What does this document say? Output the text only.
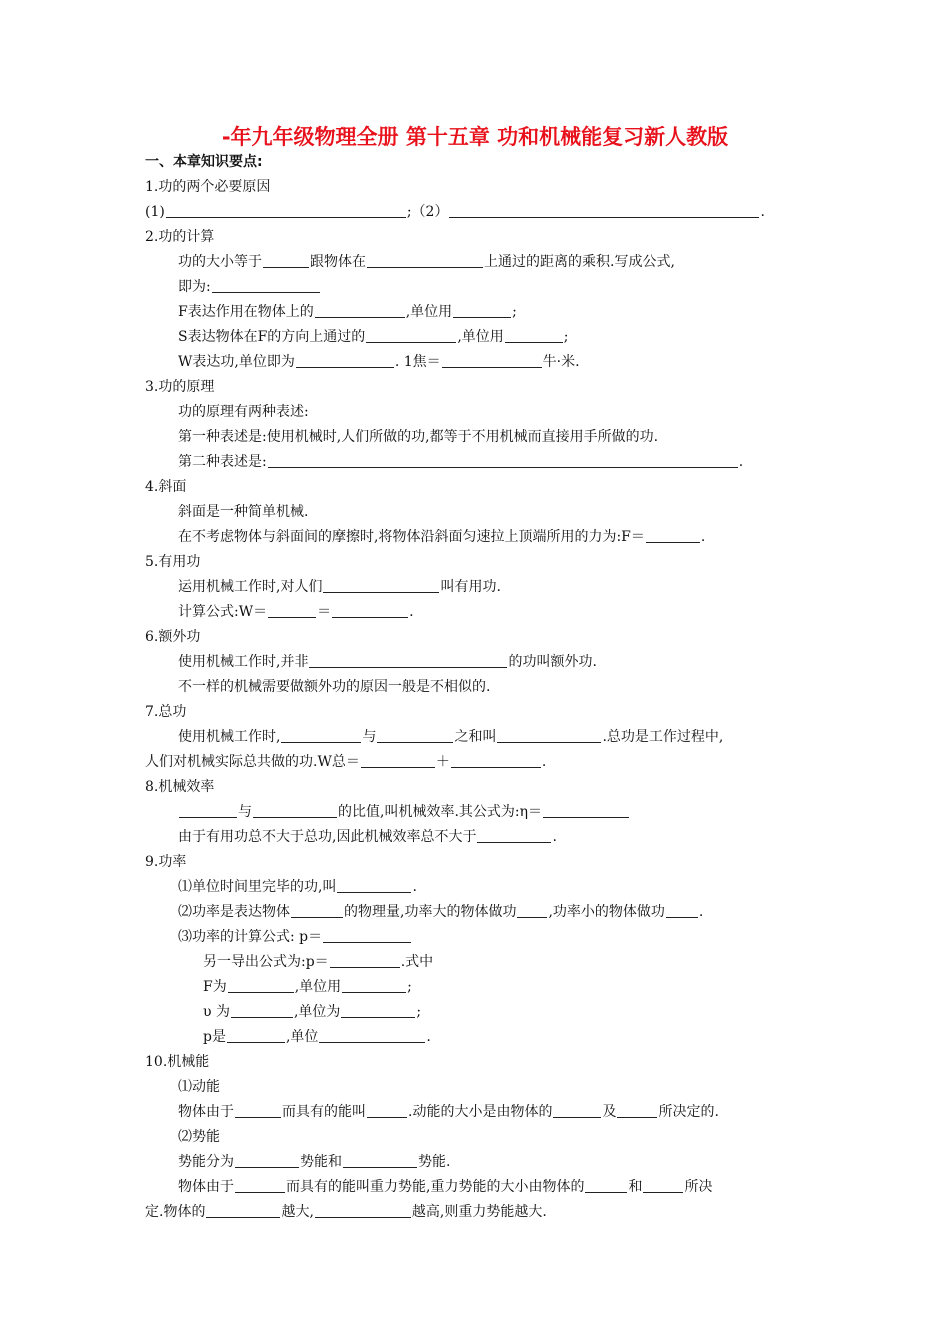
-年九年级物理全册 第十五章 功和机械能复习新人教版
一、本章知识要点:
5.有用功
1.功的两个必要原因
(1)	;（2）	.
2.功的计算
功的大小等于	跟物体在	上通过的距离的乘积.写成公式,
即为:
F表达作用在物体上的	,单位用	;
S表达物体在F的方向上通过的	,单位用	;
W表达功,单位即为	. 1焦＝	牛·米.
3.功的原理
功的原理有两种表述:
第一种表述是:使用机械时,人们所做的功,都等于不用机械而直接用手所做的功.
第二种表述是:	.
4.斜面
斜面是一种简单机械.
在不考虑物体与斜面间的摩擦时,将物体沿斜面匀速拉上顶端所用的力为:F＝	.
运用机械工作时,对人们	叫有用功.
计算公式:W＝	＝	.
6.额外功
使用机械工作时,并非	的功叫额外功.
不一样的机械需要做额外功的原因一般是不相似的.
7.总功
使用机械工作时,	与	之和叫	.总功是工作过程中,
人们对机械实际总共做的功.W总＝	＋	.
8.机械效率
与	的比值,叫机械效率.其公式为:η＝
由于有用功总不大于总功,因此机械效率总不大于	.
9.功率
⑴单位时间里完毕的功,叫	.
⑵功率是表达物体	的物理量,功率大的物体做功 ,功率小的物体做功 .
⑶功率的计算公式: p＝
另一导出公式为:p＝	.式中
F为	,单位用	;
υ 为	,单位为	;
p是	,单位	.
10.机械能
⑴动能
物体由于	而具有的能叫	.动能的大小是由物体的	及	所决定的.
⑵势能
势能分为	势能和	势能.
物体由于	而具有的能叫重力势能,重力势能的大小由物体的	和	所决
定.物体的	越大,	越高,则重力势能越大.
